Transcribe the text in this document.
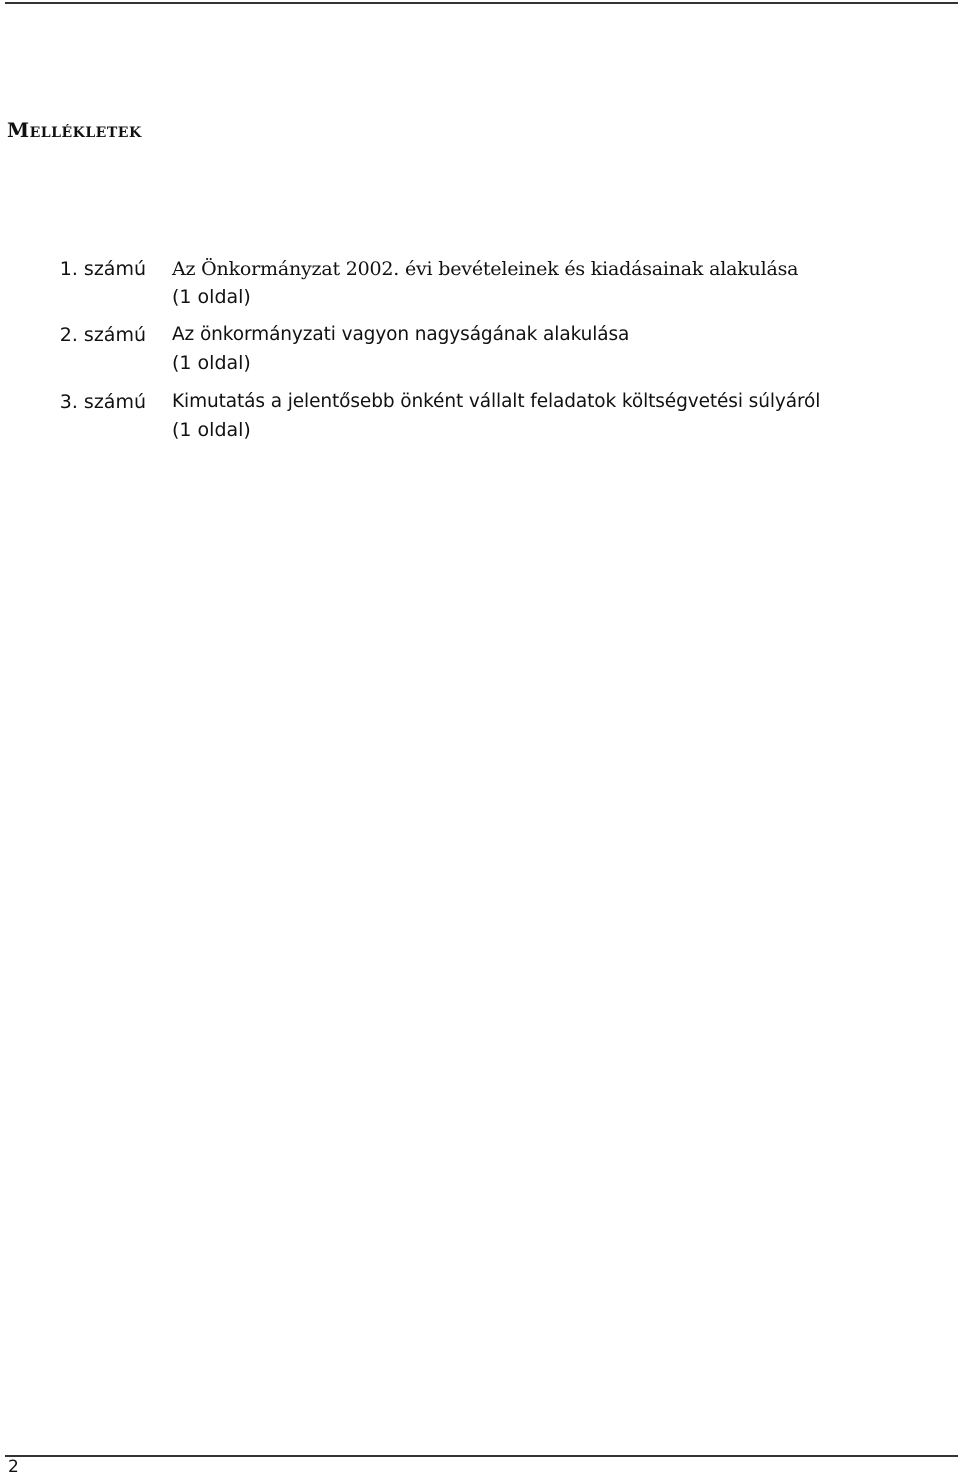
Mellékletek
1. számú Az Önkormányzat 2002. évi bevételeinek és kiadásainak alakulása
(1 oldal)
2. számú Az önkormányzati vagyon nagyságának alakulása
(1 oldal)
3. számú Kimutatás a jelentősebb önként vállalt feladatok költségvetési súlyáról
(1 oldal)
2
